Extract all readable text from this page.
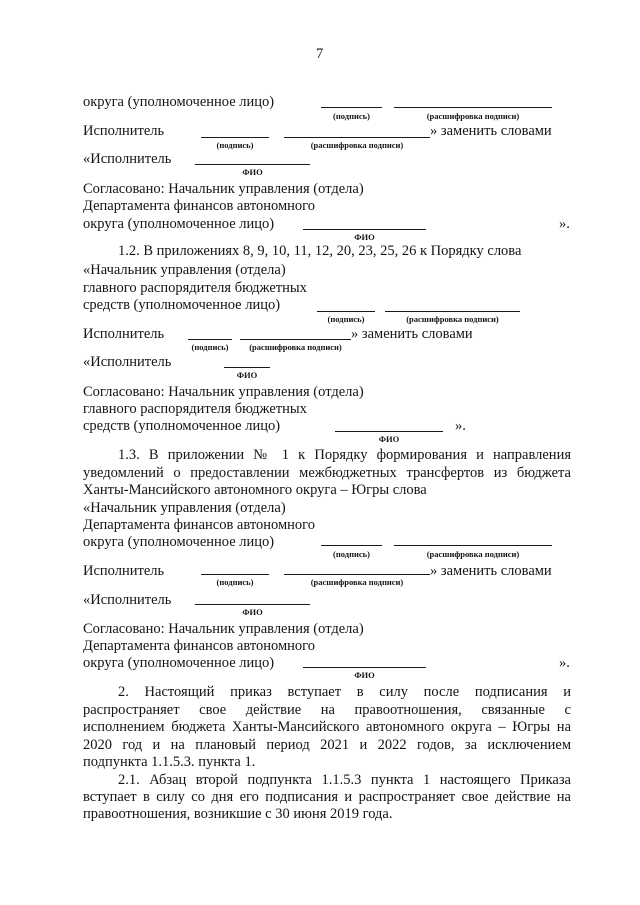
7
округа (уполномоченное лицо)
(подпись)	(расшифровка подписи)
Исполнитель	» заменить словами
(подпись)	(расшифровка подписи)
«Исполнитель
ФИО
Согласовано: Начальник управления (отдела)
Департамента финансов автономного
округа (уполномоченное лицо)
ФИО
».
1.2. В приложениях 8, 9, 10, 11, 12, 20, 23, 25, 26 к Порядку слова
«Начальник управления (отдела)
главного распорядителя бюджетных
средств (уполномоченное лицо)
(подпись)	(расшифровка подписи)
Исполнитель	» заменить словами
(подпись)	(расшифровка подписи)
«Исполнитель
ФИО
Согласовано: Начальник управления (отдела)
главного распорядителя бюджетных
средств (уполномоченное лицо)
ФИО
».
1.3. В приложении № 1 к Порядку формирования и направления
уведомлений о предоставлении межбюджетных трансфертов из бюджета
Ханты-Мансийского автономного округа – Югры слова
«Начальник управления (отдела)
Департамента финансов автономного
округа (уполномоченное лицо)
(подпись)	(расшифровка подписи)
Исполнитель	» заменить словами
(подпись)	(расшифровка подписи)
«Исполнитель
ФИО
Согласовано: Начальник управления (отдела)
Департамента финансов автономного
округа (уполномоченное лицо)
ФИО
».
2. Настоящий приказ вступает в силу после подписания и
распространяет свое действие на правоотношения, связанные с
исполнением бюджета Ханты-Мансийского автономного округа – Югры на
2020 год и на плановый период 2021 и 2022 годов, за исключением
подпункта 1.1.5.3. пункта 1.
2.1. Абзац второй подпункта 1.1.5.3 пункта 1 настоящего Приказа
вступает в силу со дня его подписания и распространяет свое действие на
правоотношения, возникшие с 30 июня 2019 года.
